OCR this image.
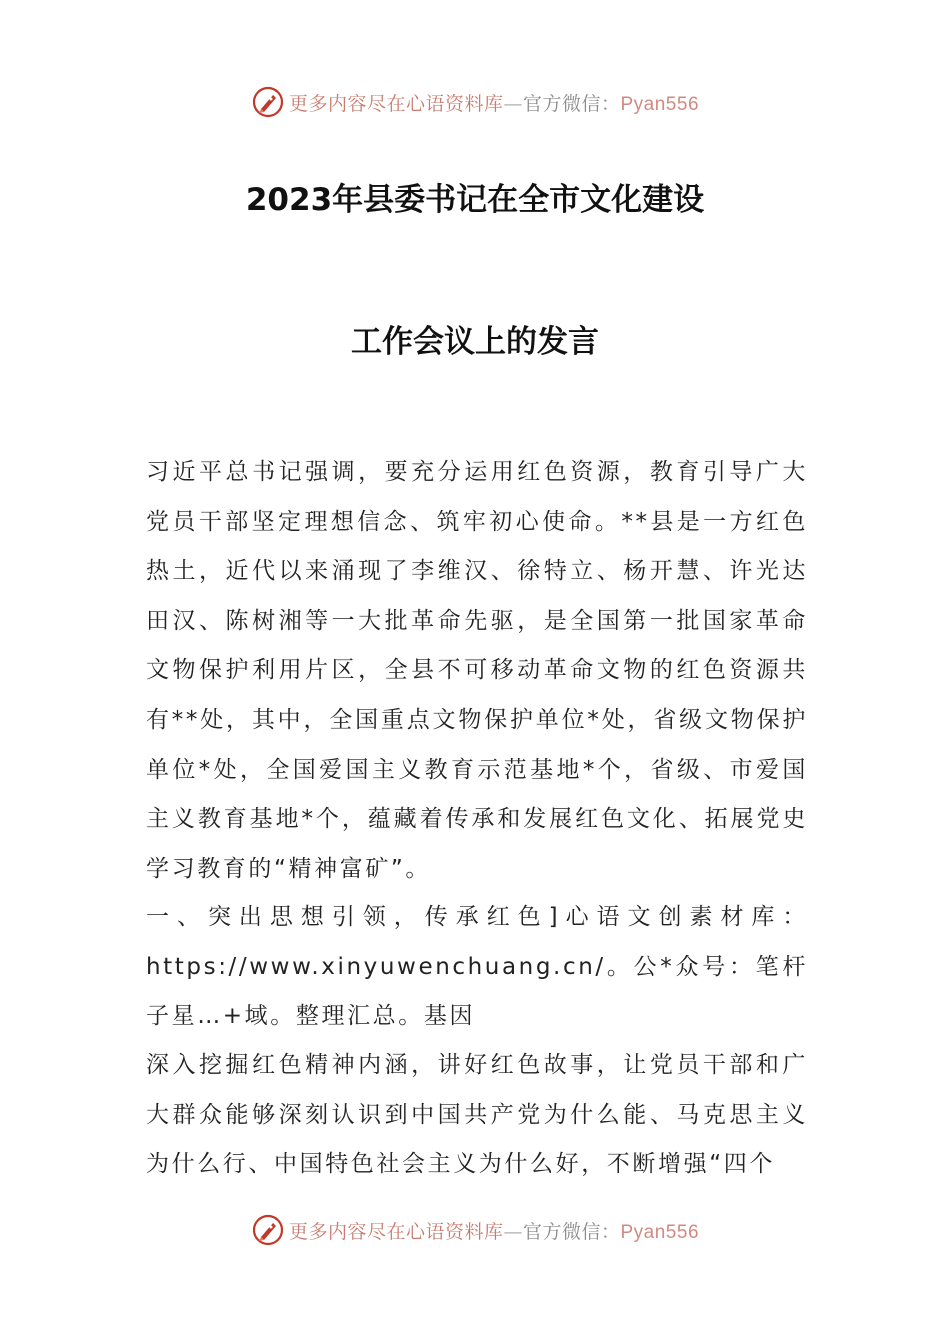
更多内容尽在心语资料库—官方微信：Pyan556
2023年县委书记在全市文化建设
工作会议上的发言

习近平总书记强调，要充分运用红色资源，教育引导广大党员干部坚定理想信念、筑牢初心使命。**县是一方红色热土，近代以来涌现了李维汉、徐特立、杨开慧、许光达田汉、陈树湘等一大批革命先驱，是全国第一批国家革命文物保护利用片区，全县不可移动革命文物的红色资源共有**处，其中，全国重点文物保护单位*处，省级文物保护单位*处，全国爱国主义教育示范基地*个，省级、市爱国主义教育基地*个，蕴藏着传承和发展红色文化、拓展党史学习教育的“精神富矿”。

一、突出思想引领，传承红色]心语文创素材库：https://www.xinyuwenchuang.cn/。公*众号：笔杆子星…+域。整理汇总。基因

深入挖掘红色精神内涵，讲好红色故事，让党员干部和广大群众能够深刻认识到中国共产党为什么能、马克思主义为什么行、中国特色社会主义为什么好，不断增强“四个

更多内容尽在心语资料库—官方微信：Pyan556
